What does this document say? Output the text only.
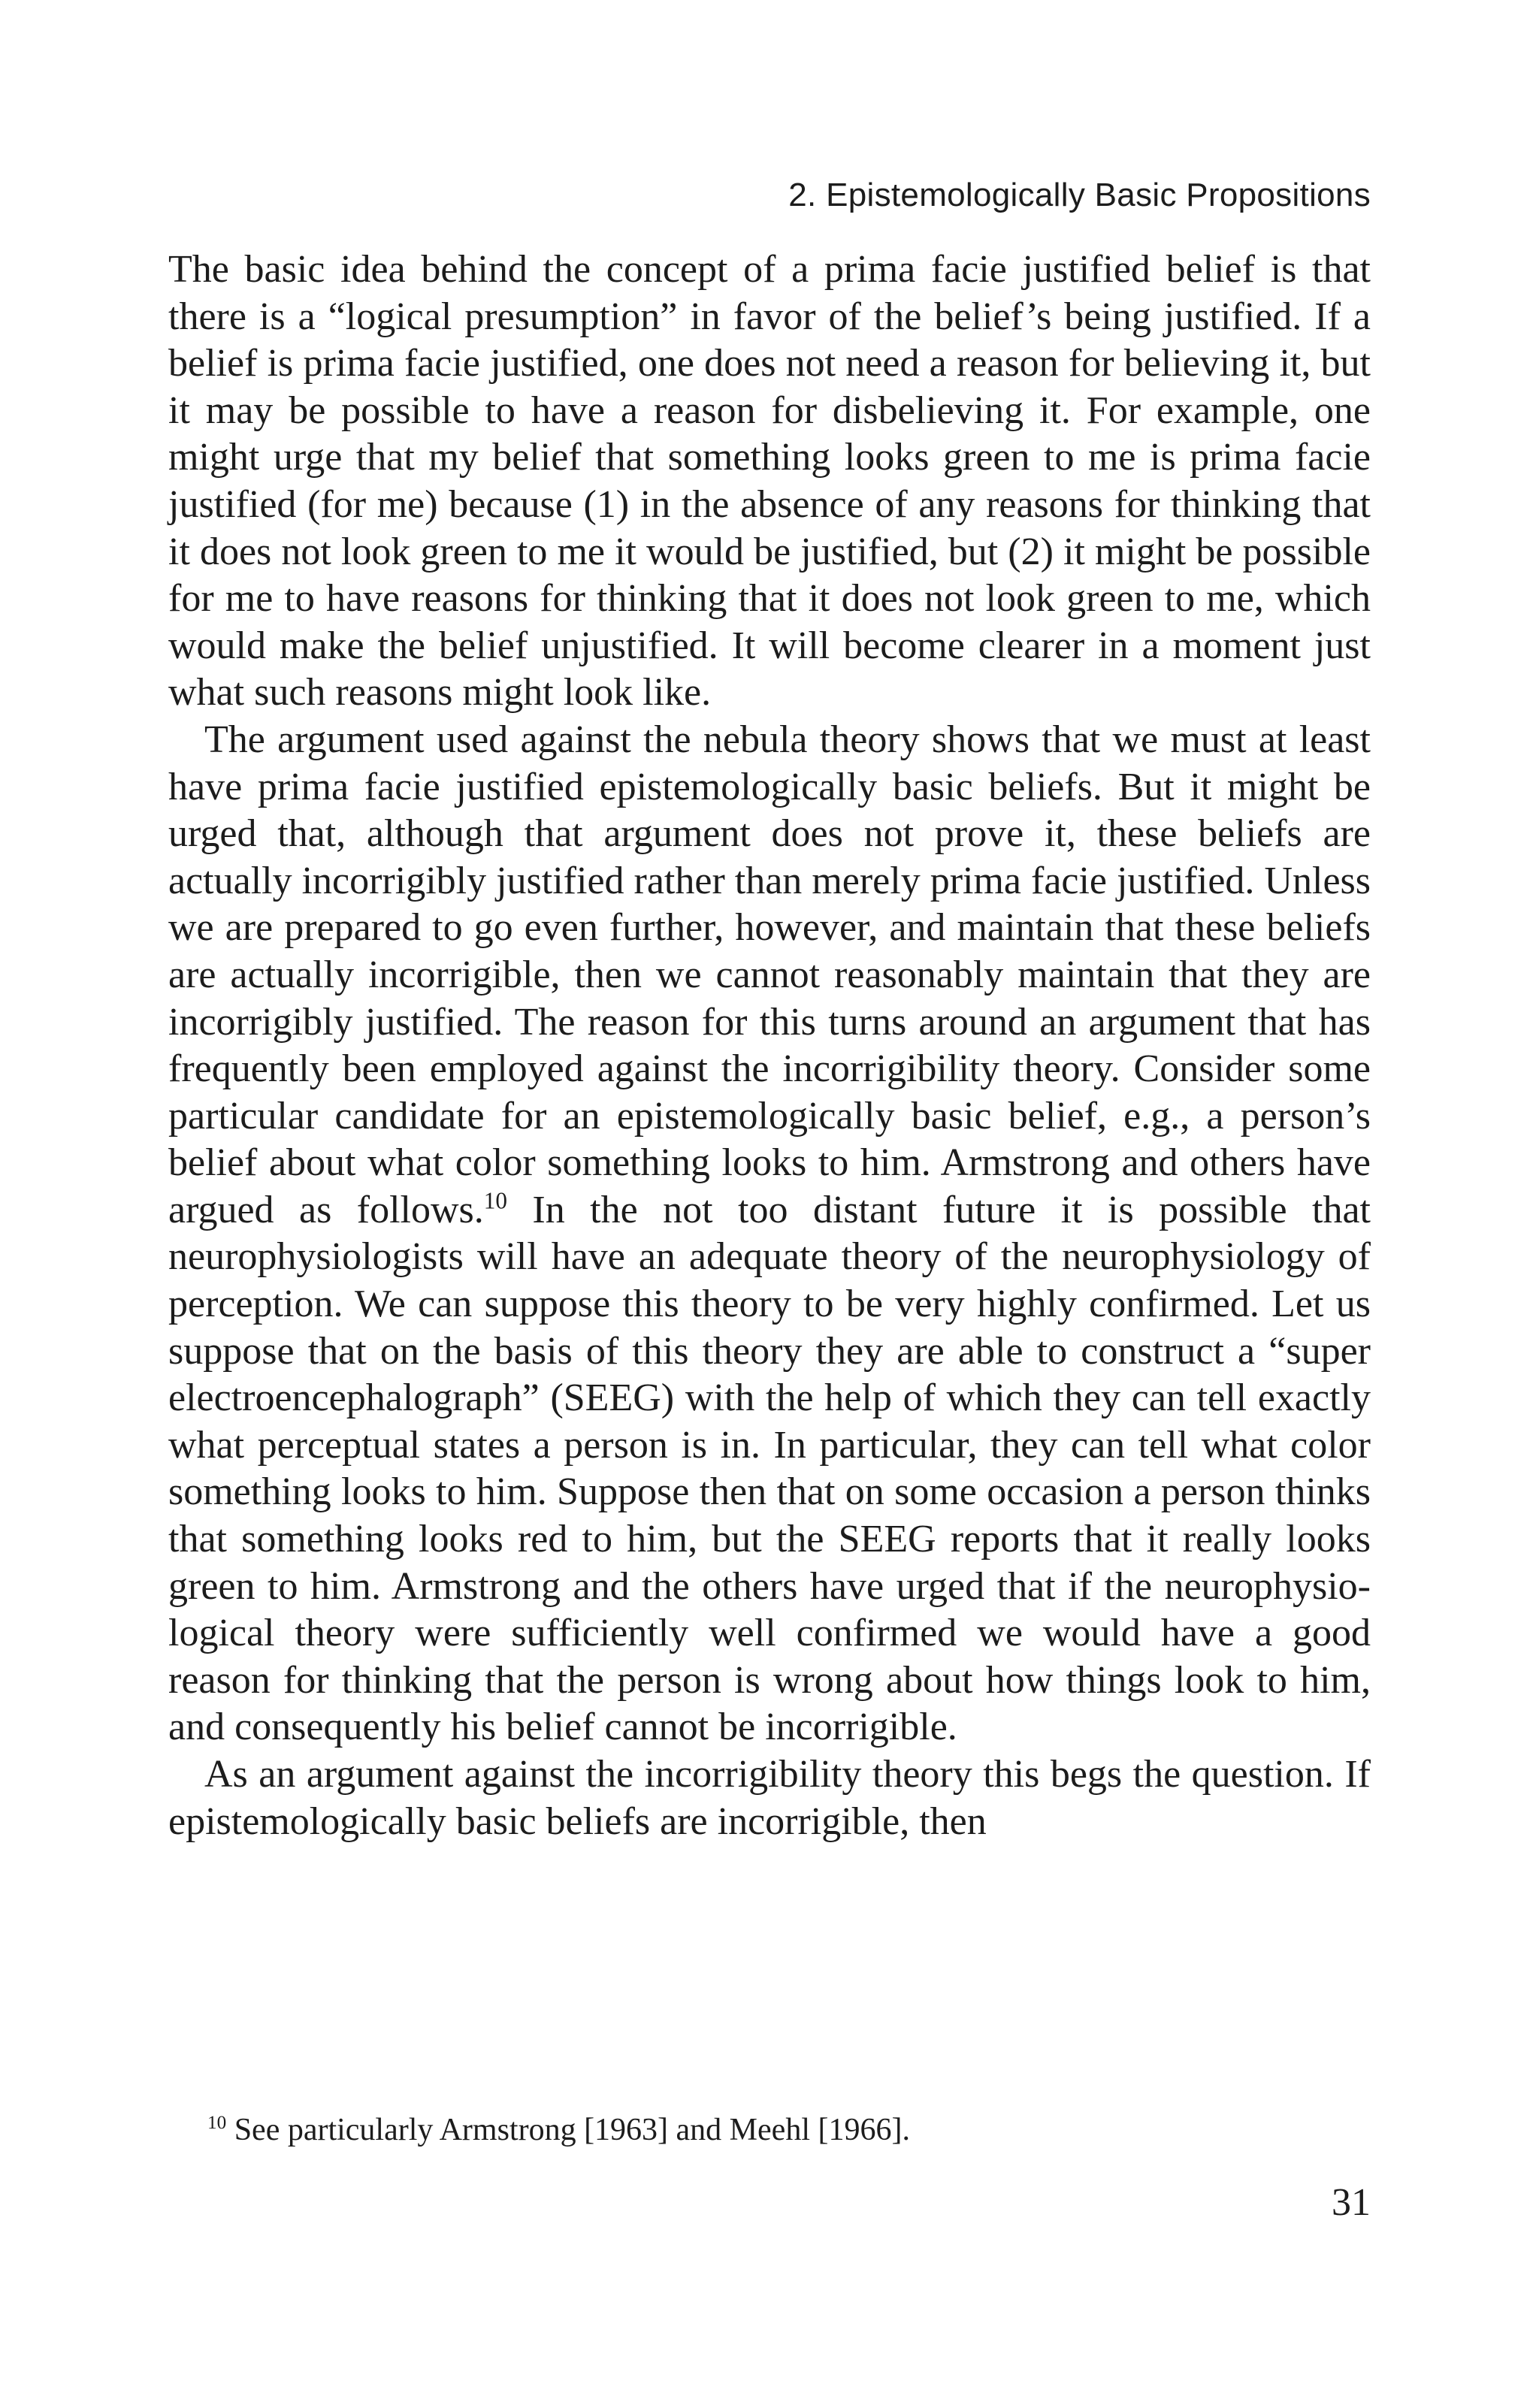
2. Epistemologically Basic Propositions

The basic idea behind the concept of a prima facie justified belief is that there is a “logical presumption” in favor of the belief’s being justified. If a belief is prima facie justified, one does not need a reason for believing it, but it may be possible to have a reason for disbelieving it. For example, one might urge that my belief that something looks green to me is prima facie justified (for me) because (1) in the absence of any reasons for thinking that it does not look green to me it would be justified, but (2) it might be possible for me to have reasons for thinking that it does not look green to me, which would make the belief unjustified. It will become clearer in a moment just what such reasons might look like.

The argument used against the nebula theory shows that we must at least have prima facie justified epistemologically basic beliefs. But it might be urged that, although that argument does not prove it, these beliefs are actually incorrigibly justified rather than merely prima facie justified. Unless we are prepared to go even further, however, and maintain that these beliefs are actually incorrigible, then we cannot reasonably maintain that they are incorrigibly justified. The reason for this turns around an argument that has frequently been employed against the incorrigibility theory. Consider some particular candidate for an epistemologically basic belief, e.g., a person’s belief about what color something looks to him. Armstrong and others have argued as follows.$^{10}$ In the not too distant future it is possible that neurophysiologists will have an adequate theory of the neurophysiology of perception. We can suppose this theory to be very highly confirmed. Let us suppose that on the basis of this theory they are able to construct a “super electroencephalograph” (SEEG) with the help of which they can tell exactly what perceptual states a person is in. In particular, they can tell what color something looks to him. Suppose then that on some occasion a person thinks that something looks red to him, but the SEEG reports that it really looks green to him. Armstrong and the others have urged that if the neurophysiological theory were sufficiently well confirmed we would have a good reason for thinking that the person is wrong about how things look to him, and consequently his belief cannot be incorrigible.

As an argument against the incorrigibility theory this begs the question. If epistemologically basic beliefs are incorrigible, then

$^{10}$ See particularly Armstrong [1963] and Meehl [1966].
31
